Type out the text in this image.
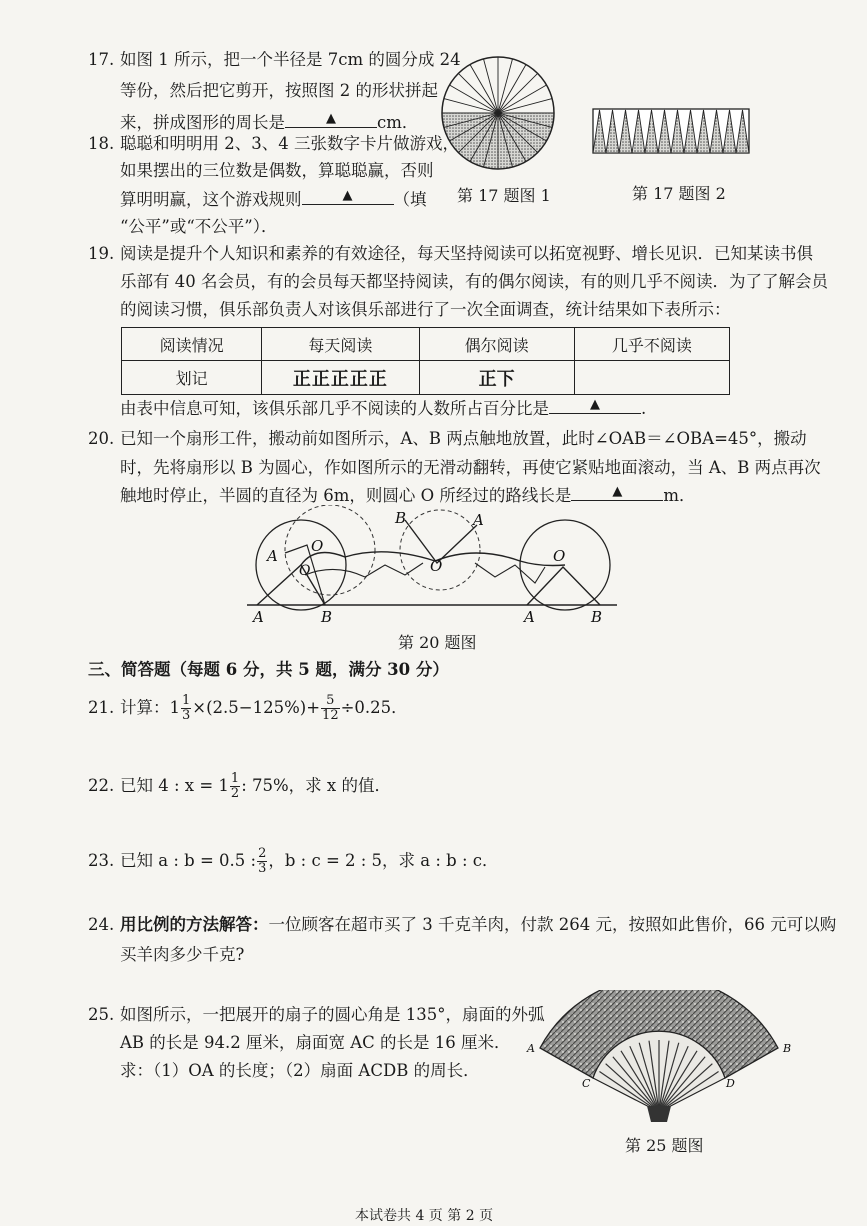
17. 如图 1 所示，把一个半径是 7cm 的圆分成 24
等份，然后把它剪开，按照图 2 的形状拼起
来，拼成图形的周长是	▲ cm．
第 17 题图 1	第 17 题图 2
18. 聪聪和明明用 2、3、4 三张数字卡片做游戏，
如果摆出的三位数是偶数，算聪聪赢，否则
算明明赢，这个游戏规则	▲ （填
“公平”或“不公平”）．
19. 阅读是提升个人知识和素养的有效途径，每天坚持阅读可以拓宽视野、增长见识．已知某读书俱
乐部有 40 名会员，有的会员每天都坚持阅读，有的偶尔阅读，有的则几乎不阅读．为了了解会员
的阅读习惯，俱乐部负责人对该俱乐部进行了一次全面调查，统计结果如下表所示：
阅读情况	每天阅读	偶尔阅读	几乎不阅读
划记	正正正正正	正下	
由表中信息可知，该俱乐部几乎不阅读的人数所占百分比是	▲ .
20. 已知一个扇形工件，搬动前如图所示，A、B 两点触地放置，此时∠OAB＝∠OBA=45°，搬动
时，先将扇形以 B 为圆心，作如图所示的无滑动翻转，再使它紧贴地面滚动，当 A、B 两点再次
触地时停止，半圆的直径为 6m，则圆心 O 所经过的路线长是	▲ m．
A
O
O
A	B
B	A
O
O
A	B
第 20 题图
三、简答题（每题 6 分，共 5 题，满分 30 分）
21. 计算：$1 \frac{1}{3} \times(2.5-125\%)+ \frac{5}{12} \div 0.25$．
22. 已知 4 : $x = 1 \frac{1}{2}$ : 75%，求 x 的值．
23. 已知 a : b = 0.5 : $\frac{2}{3}$ ，b : c = 2 : 5，求 a : b : c．
24. 用比例的方法解答：一位顾客在超市买了 3 千克羊肉，付款 264 元，按照如此售价，66 元可以购
买羊肉多少千克?
25. 如图所示，一把展开的扇子的圆心角是 135°，扇面的外弧
AB 的长是 94.2 厘米，扇面宽 AC 的长是 16 厘米．
求：（1）OA 的长度；（2）扇面 ACDB 的周长．
A	B
C	D
第 25 题图
本试卷共 4 页 第 2 页
